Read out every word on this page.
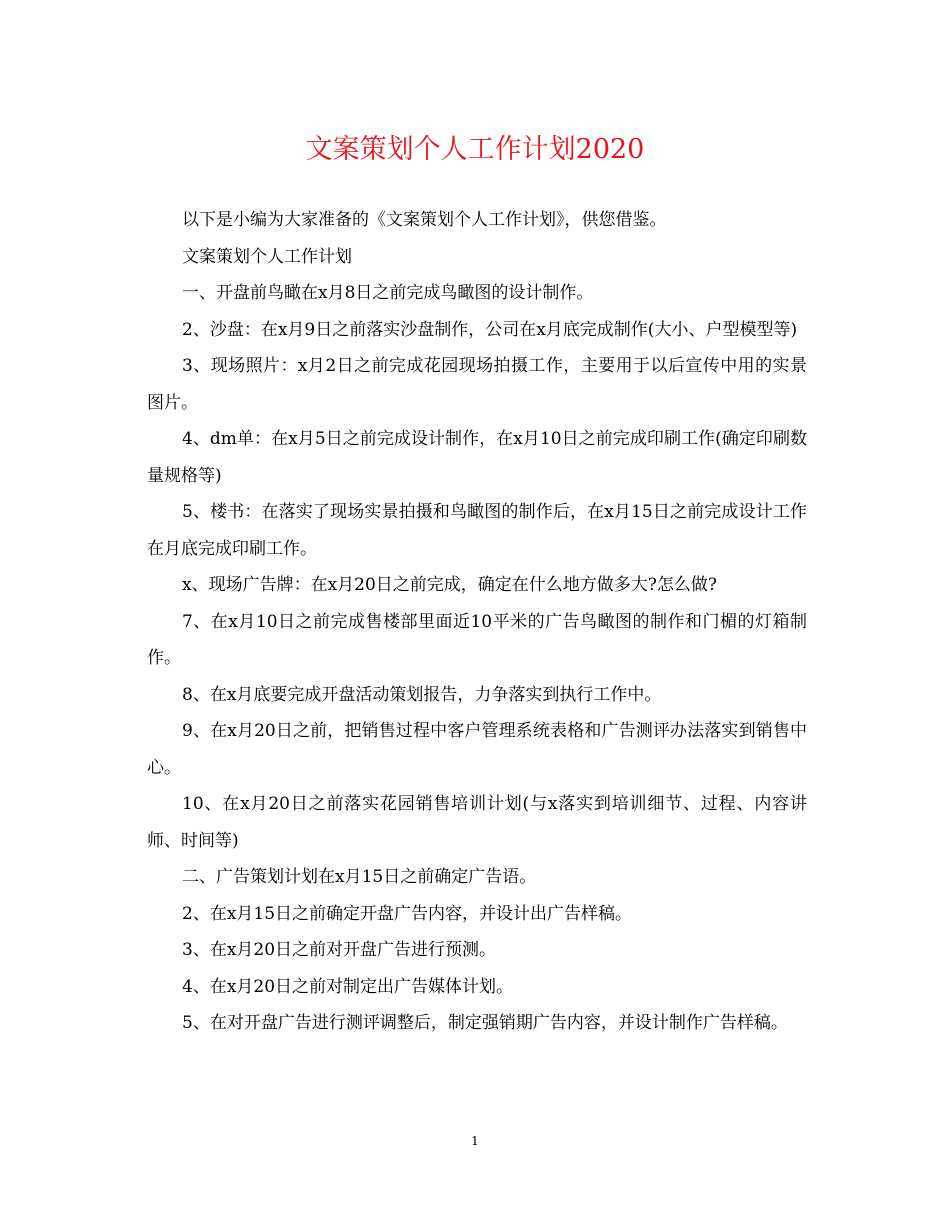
文案策划个人工作计划2020

以下是小编为大家准备的《文案策划个人工作计划》，供您借鉴。

文案策划个人工作计划

一、开盘前鸟瞰在x月8日之前完成鸟瞰图的设计制作。

2、沙盘：在x月9日之前落实沙盘制作，公司在x月底完成制作(大小、户型模型等)

3、现场照片：x月2日之前完成花园现场拍摄工作，主要用于以后宣传中用的实景图片。

4、dm单：在x月5日之前完成设计制作，在x月10日之前完成印刷工作(确定印刷数量规格等)

5、楼书：在落实了现场实景拍摄和鸟瞰图的制作后，在x月15日之前完成设计工作在月底完成印刷工作。

x、现场广告牌：在x月20日之前完成，确定在什么地方做多大?怎么做?

7、在x月10日之前完成售楼部里面近10平米的广告鸟瞰图的制作和门楣的灯箱制作。

8、在x月底要完成开盘活动策划报告，力争落实到执行工作中。

9、在x月20日之前，把销售过程中客户管理系统表格和广告测评办法落实到销售中心。

10、在x月20日之前落实花园销售培训计划(与x落实到培训细节、过程、内容讲师、时间等)

二、广告策划计划在x月15日之前确定广告语。

2、在x月15日之前确定开盘广告内容，并设计出广告样稿。

3、在x月20日之前对开盘广告进行预测。

4、在x月20日之前对制定出广告媒体计划。

5、在对开盘广告进行测评调整后，制定强销期广告内容，并设计制作广告样稿。

1
